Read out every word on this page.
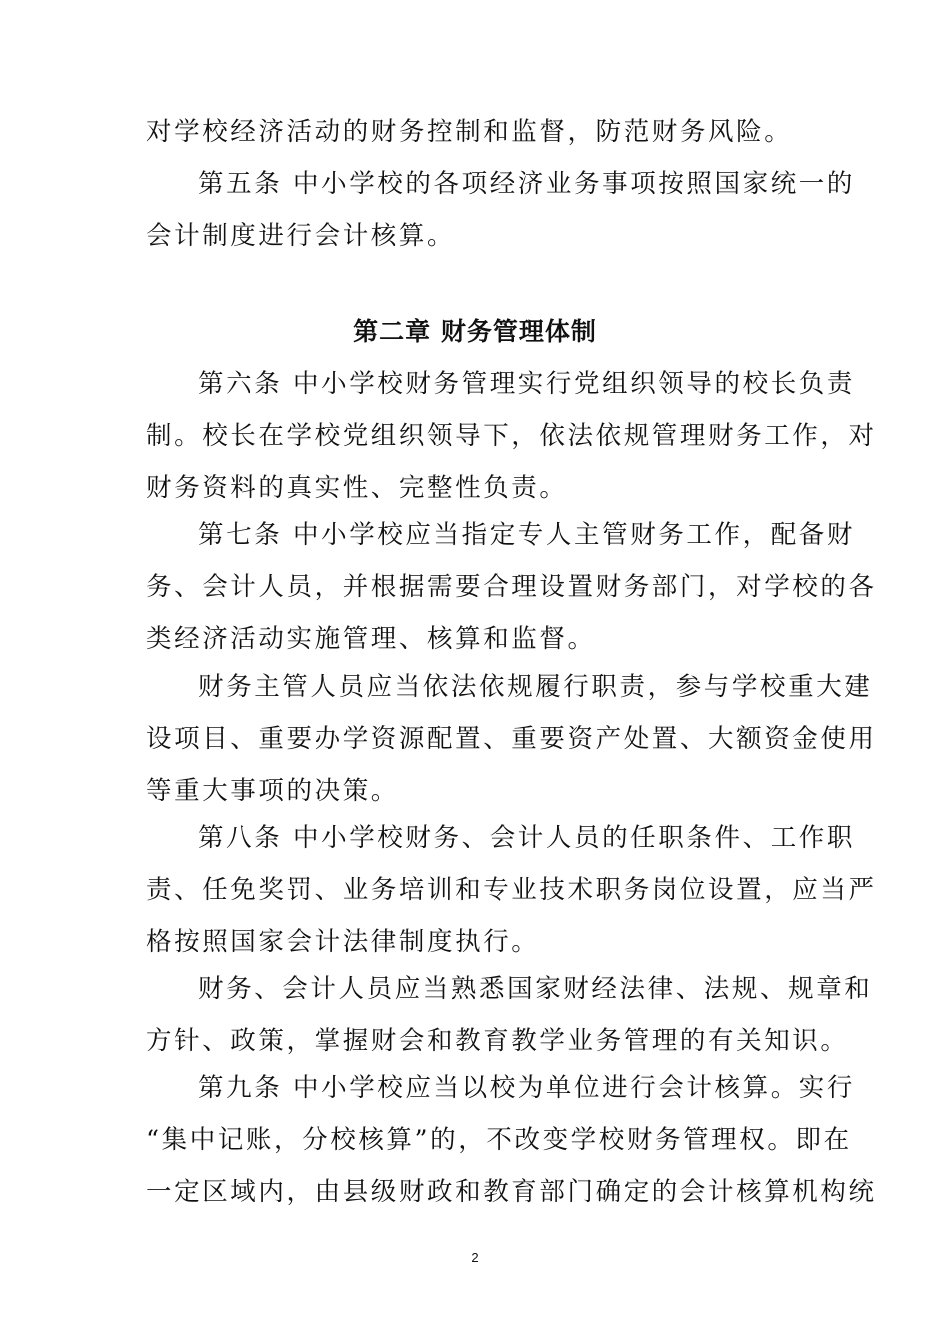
对学校经济活动的财务控制和监督，防范财务风险。
第五条 中小学校的各项经济业务事项按照国家统一的
会计制度进行会计核算。
第二章 财务管理体制
第六条 中小学校财务管理实行党组织领导的校长负责
制。校长在学校党组织领导下，依法依规管理财务工作，对
财务资料的真实性、完整性负责。
第七条 中小学校应当指定专人主管财务工作，配备财
务、会计人员，并根据需要合理设置财务部门，对学校的各
类经济活动实施管理、核算和监督。
财务主管人员应当依法依规履行职责，参与学校重大建
设项目、重要办学资源配置、重要资产处置、大额资金使用
等重大事项的决策。
第八条 中小学校财务、会计人员的任职条件、工作职
责、任免奖罚、业务培训和专业技术职务岗位设置，应当严
格按照国家会计法律制度执行。
财务、会计人员应当熟悉国家财经法律、法规、规章和
方针、政策，掌握财会和教育教学业务管理的有关知识。
第九条 中小学校应当以校为单位进行会计核算。实行
“集中记账，分校核算”的，不改变学校财务管理权。即在
一定区域内，由县级财政和教育部门确定的会计核算机构统
2
